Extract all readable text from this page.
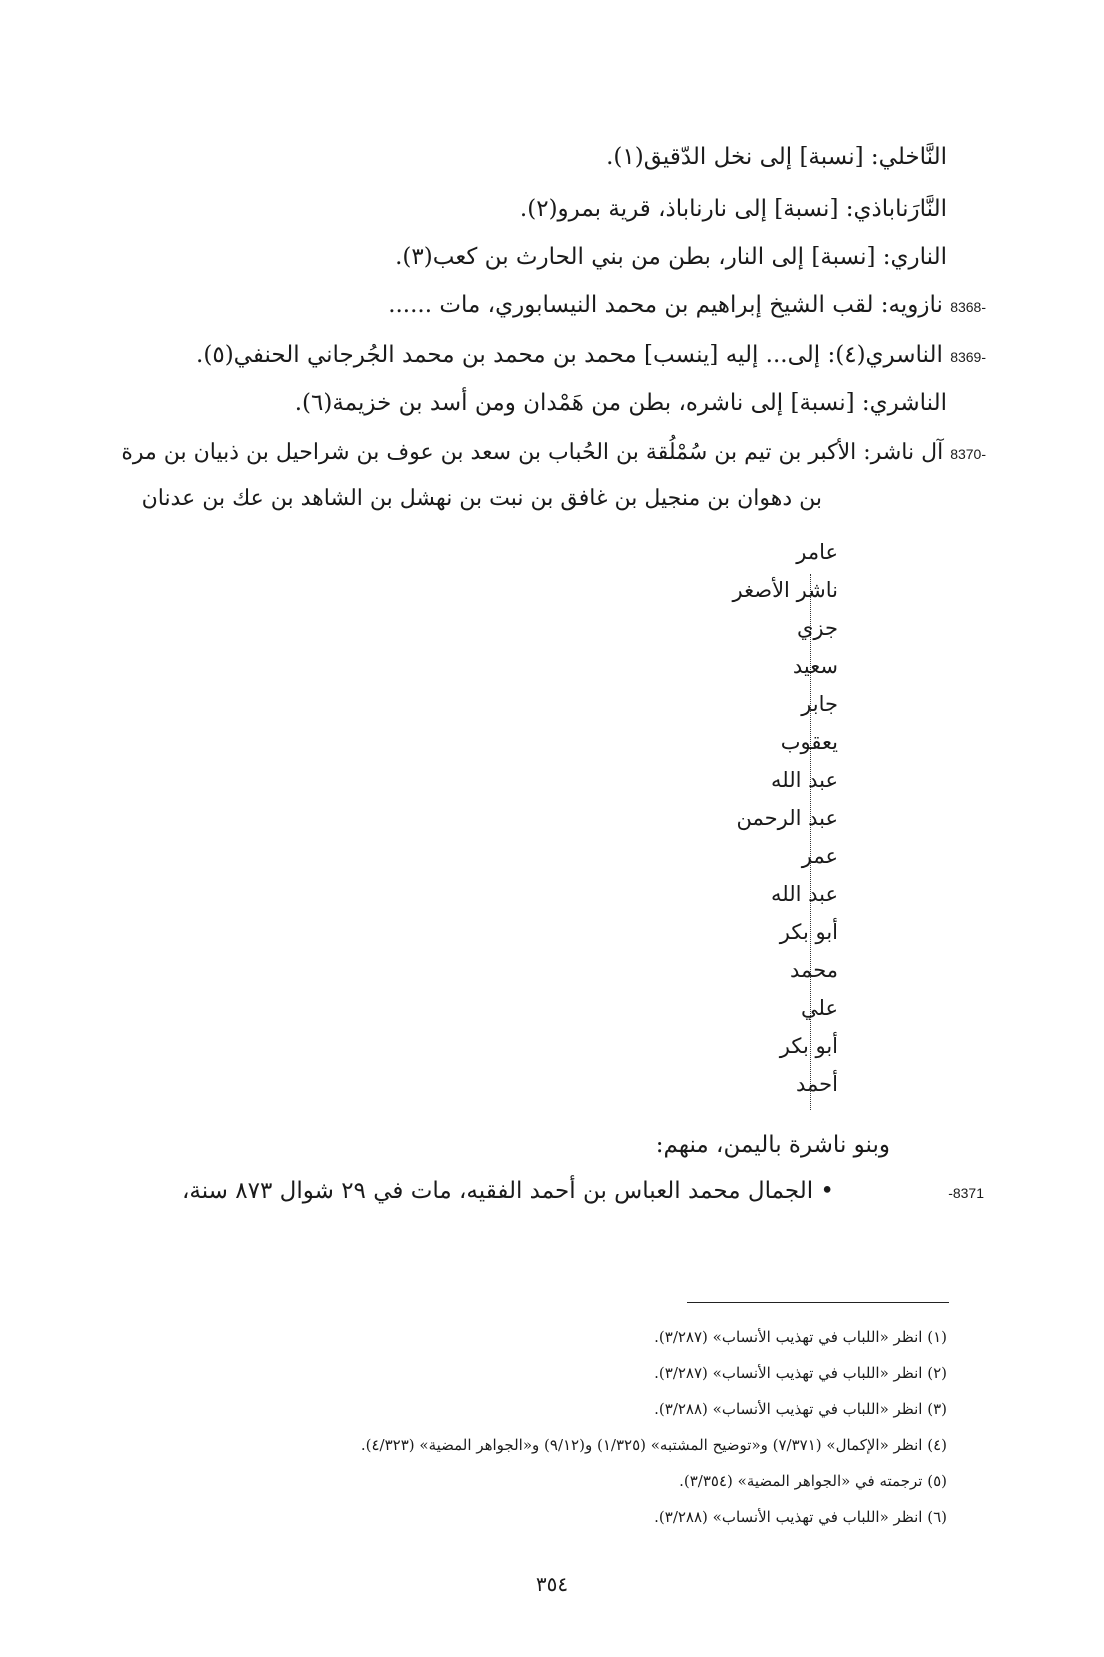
النَّاخلي: [نسبة] إلى نخل الدّقيق(١).
النَّارَناباذي: [نسبة] إلى نارناباذ، قرية بمرو(٢).
الناري: [نسبة] إلى النار، بطن من بني الحارث بن كعب(٣).
8368- نازويه: لقب الشيخ إبراهيم بن محمد النيسابوري، مات ......
8369- الناسري(٤): إلى... إليه [ينسب] محمد بن محمد بن محمد الجُرجاني الحنفي(٥).
الناشري: [نسبة] إلى ناشره، بطن من هَمْدان ومن أسد بن خزيمة(٦).
8370- آل ناشر: الأكبر بن تيم بن سُمْلُقة بن الحُباب بن سعد بن عوف بن شراحيل بن ذبيان بن مرة
بن دهوان بن منجيل بن غافق بن نبت بن نهشل بن الشاهد بن عك بن عدنان
عامر
ناشر الأصغر
جزي
سعيد
جابر
يعقوب
عبد الله
عبد الرحمن
عمر
عبد الله
أبو بكر
محمد
علي
أبو بكر
أحمد
وبنو ناشرة باليمن، منهم:
-8371
• الجمال محمد العباس بن أحمد الفقيه، مات في ٢٩ شوال ٨٧٣ سنة،
(١) انظر «اللباب في تهذيب الأنساب» (٣/٢٨٧).
(٢) انظر «اللباب في تهذيب الأنساب» (٣/٢٨٧).
(٣) انظر «اللباب في تهذيب الأنساب» (٣/٢٨٨).
(٤) انظر «الإكمال» (٧/٣٧١) و«توضيح المشتبه» (١/٣٢٥) و(٩/١٢) و«الجواهر المضية» (٤/٣٢٣).
(٥) ترجمته في «الجواهر المضية» (٣/٣٥٤).
(٦) انظر «اللباب في تهذيب الأنساب» (٣/٢٨٨).
٣٥٤
